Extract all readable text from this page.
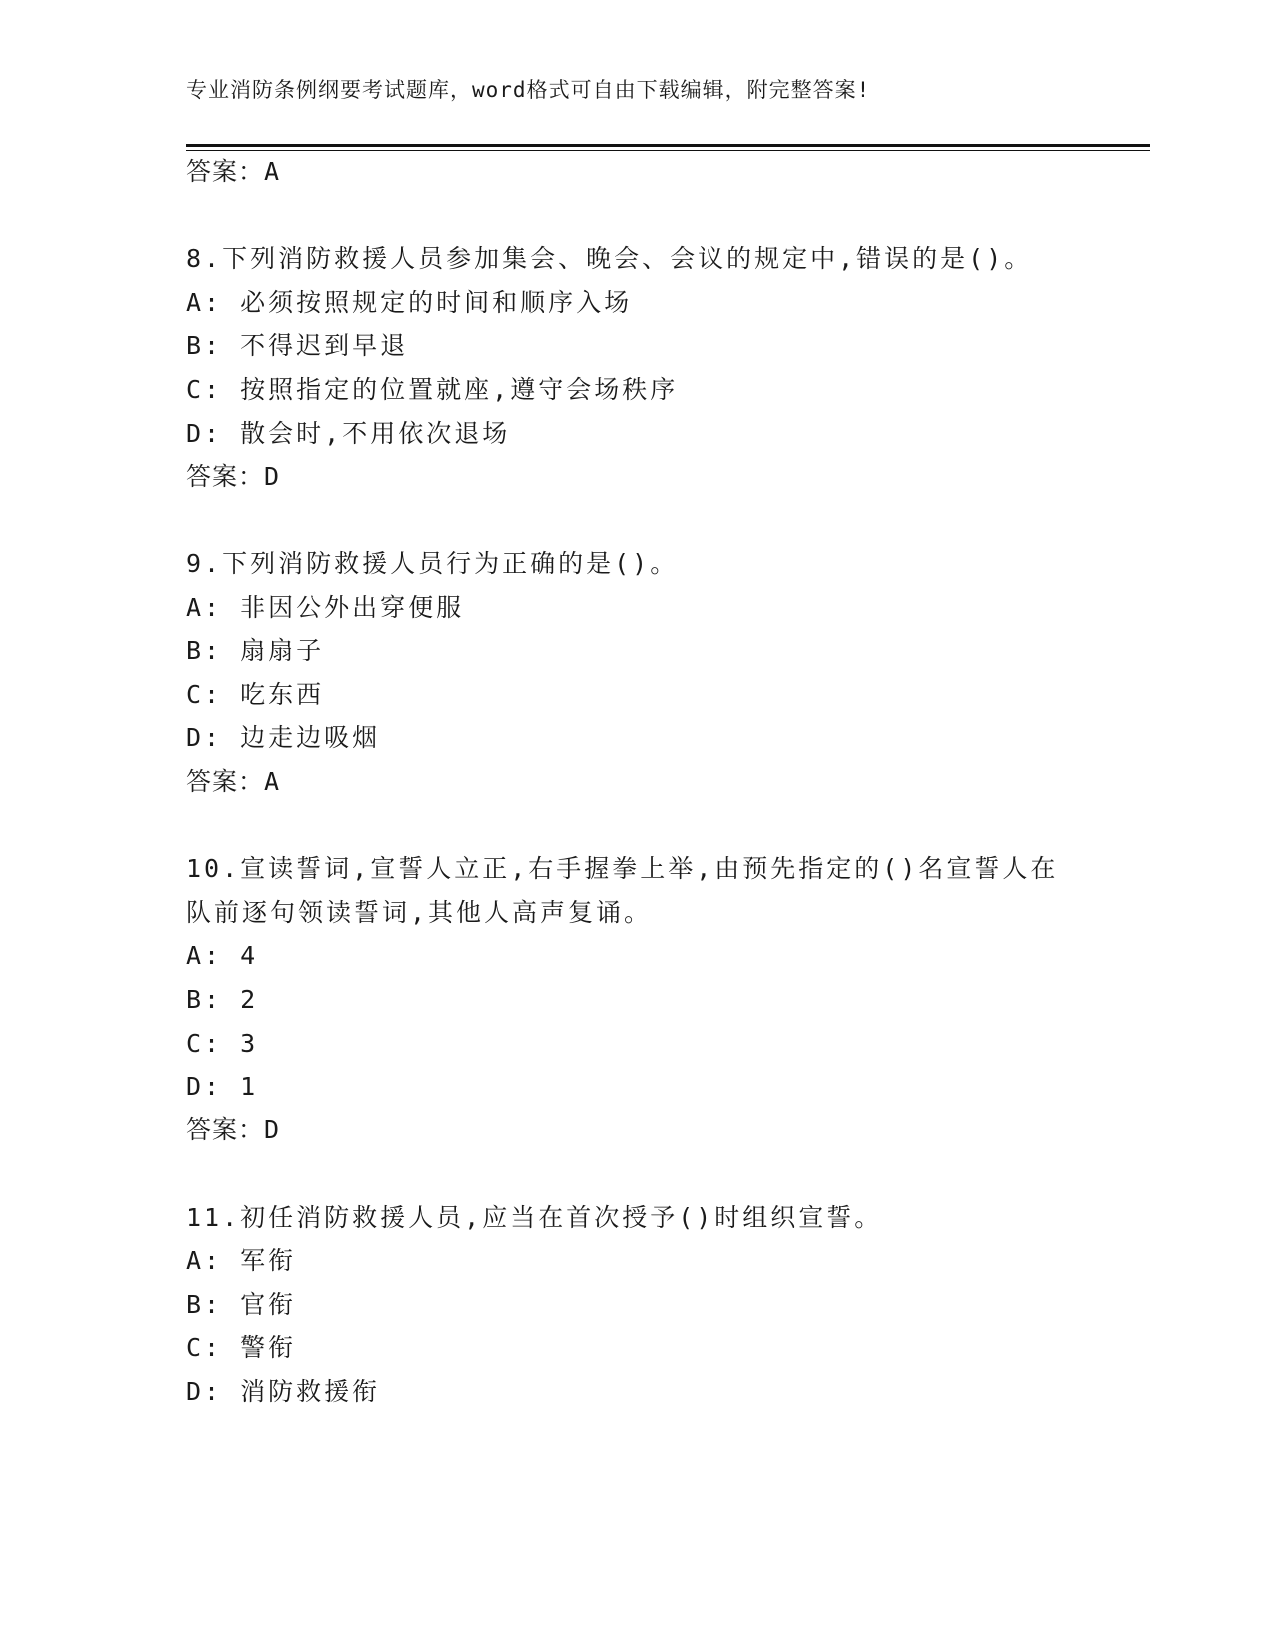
专业消防条例纲要考试题库，word格式可自由下载编辑，附完整答案!
答案：A
8.下列消防救援人员参加集会、晚会、会议的规定中,错误的是()。
A: 必须按照规定的时间和顺序入场
B: 不得迟到早退
C: 按照指定的位置就座,遵守会场秩序
D: 散会时,不用依次退场
答案：D
9.下列消防救援人员行为正确的是()。
A: 非因公外出穿便服
B: 扇扇子
C: 吃东西
D: 边走边吸烟
答案：A
10.宣读誓词,宣誓人立正,右手握拳上举,由预先指定的()名宣誓人在
队前逐句领读誓词,其他人高声复诵。
A: 4
B: 2
C: 3
D: 1
答案：D
11.初任消防救援人员,应当在首次授予()时组织宣誓。
A: 军衔
B: 官衔
C: 警衔
D: 消防救援衔
